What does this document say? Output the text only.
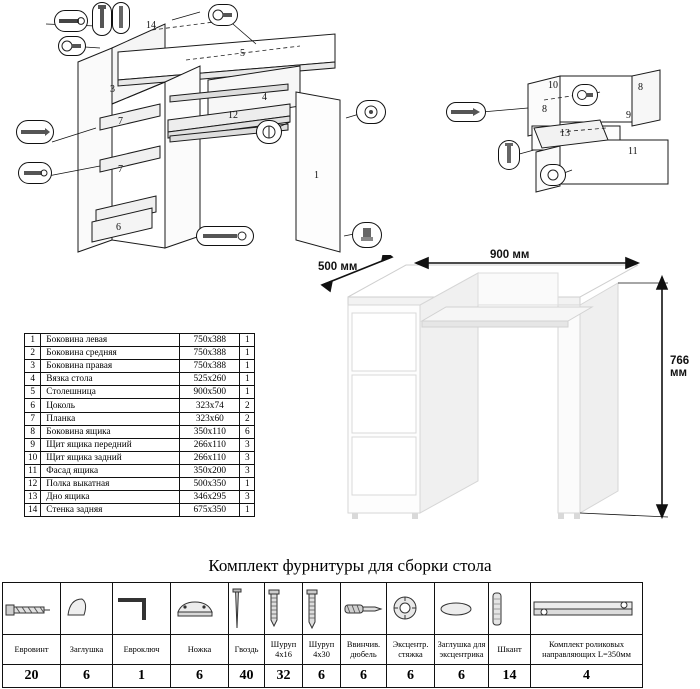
14
5
3
4
7
12
7
1
6
10	8
8
9
13
11
1	Боковина левая	750х388	1
2	Боковина средняя	750х388	1
3	Боковина правая	750х388	1
4	Вязка стола	525х260	1
5	Столешница	900х500	1
6	Цоколь	323х74	2
7	Планка	323х60	2
8	Боковина ящика	350х110	6
9	Щит ящика передний	266х110	3
10	Щит ящика задний	266х110	3
11	Фасад ящика	350х200	3
12	Полка выкатная	500х350	1
13	Дно ящика	346х295	3
14	Стенка задняя	675х350	1
500 мм
900 мм
766 мм
Комплект фурнитуры для сборки стола

Евровинт	Заглушка	Евроключ	Ножка	Гвоздь	Шуруп 4х16	Шуруп 4х30	Ввинчив. дюбель	Эксцентр. стяжка	Заглушка для эксцентрика	Шкант	Комплект роликовых направляющих L=350мм
20	6	1	6	40	32	6	6	6	6	14	4
